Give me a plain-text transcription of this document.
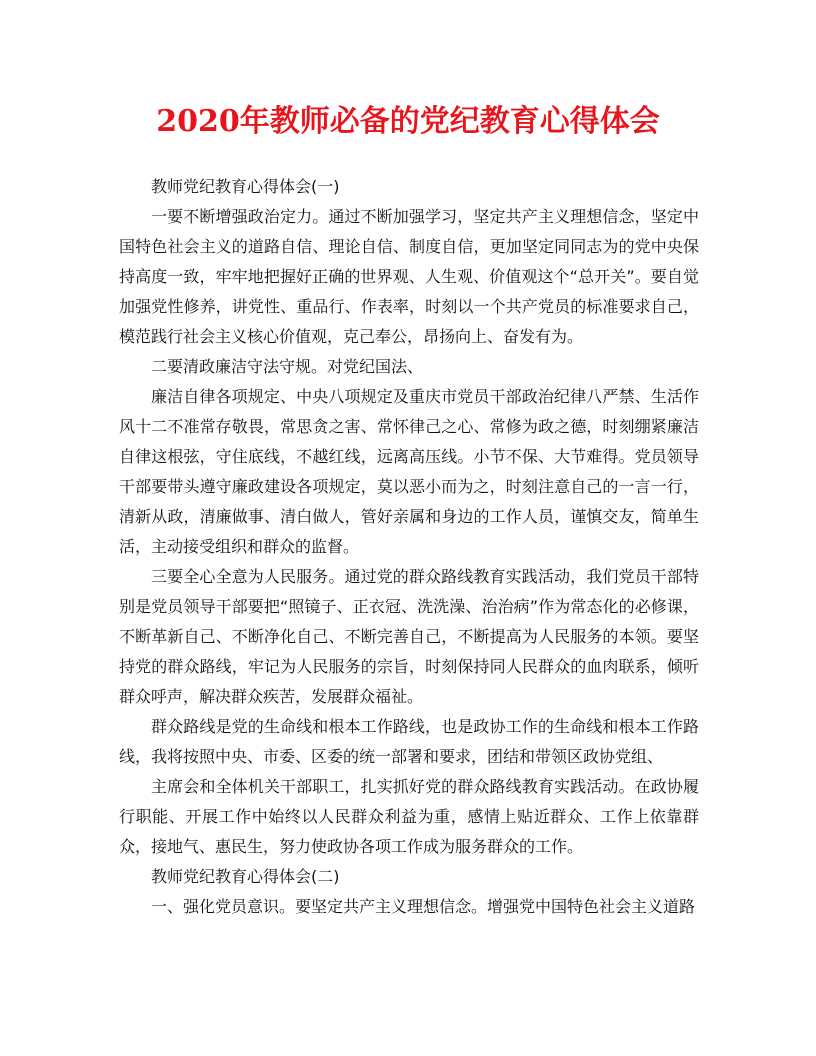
2020年教师必备的党纪教育心得体会

教师党纪教育心得体会(一)

一要不断增强政治定力。通过不断加强学习，坚定共产主义理想信念，坚定中国特色社会主义的道路自信、理论自信、制度自信，更加坚定同同志为的党中央保持高度一致，牢牢地把握好正确的世界观、人生观、价值观这个“总开关”。要自觉加强党性修养，讲党性、重品行、作表率，时刻以一个共产党员的标准要求自己，模范践行社会主义核心价值观，克己奉公，昂扬向上、奋发有为。

二要清政廉洁守法守规。对党纪国法、

廉洁自律各项规定、中央八项规定及重庆市党员干部政治纪律八严禁、生活作风十二不准常存敬畏，常思贪之害、常怀律己之心、常修为政之德，时刻绷紧廉洁自律这根弦，守住底线，不越红线，远离高压线。小节不保、大节难得。党员领导干部要带头遵守廉政建设各项规定，莫以恶小而为之，时刻注意自己的一言一行，清新从政，清廉做事、清白做人，管好亲属和身边的工作人员，谨慎交友，简单生活，主动接受组织和群众的监督。

三要全心全意为人民服务。通过党的群众路线教育实践活动，我们党员干部特别是党员领导干部要把“照镜子、正衣冠、洗洗澡、治治病”作为常态化的必修课，不断革新自己、不断净化自己、不断完善自己，不断提高为人民服务的本领。要坚持党的群众路线，牢记为人民服务的宗旨，时刻保持同人民群众的血肉联系，倾听群众呼声，解决群众疾苦，发展群众福祉。

群众路线是党的生命线和根本工作路线，也是政协工作的生命线和根本工作路线，我将按照中央、市委、区委的统一部署和要求，团结和带领区政协党组、

主席会和全体机关干部职工，扎实抓好党的群众路线教育实践活动。在政协履行职能、开展工作中始终以人民群众利益为重，感情上贴近群众、工作上依靠群众，接地气、惠民生，努力使政协各项工作成为服务群众的工作。

教师党纪教育心得体会(二)

一、强化党员意识。要坚定共产主义理想信念。增强党中国特色社会主义道路
